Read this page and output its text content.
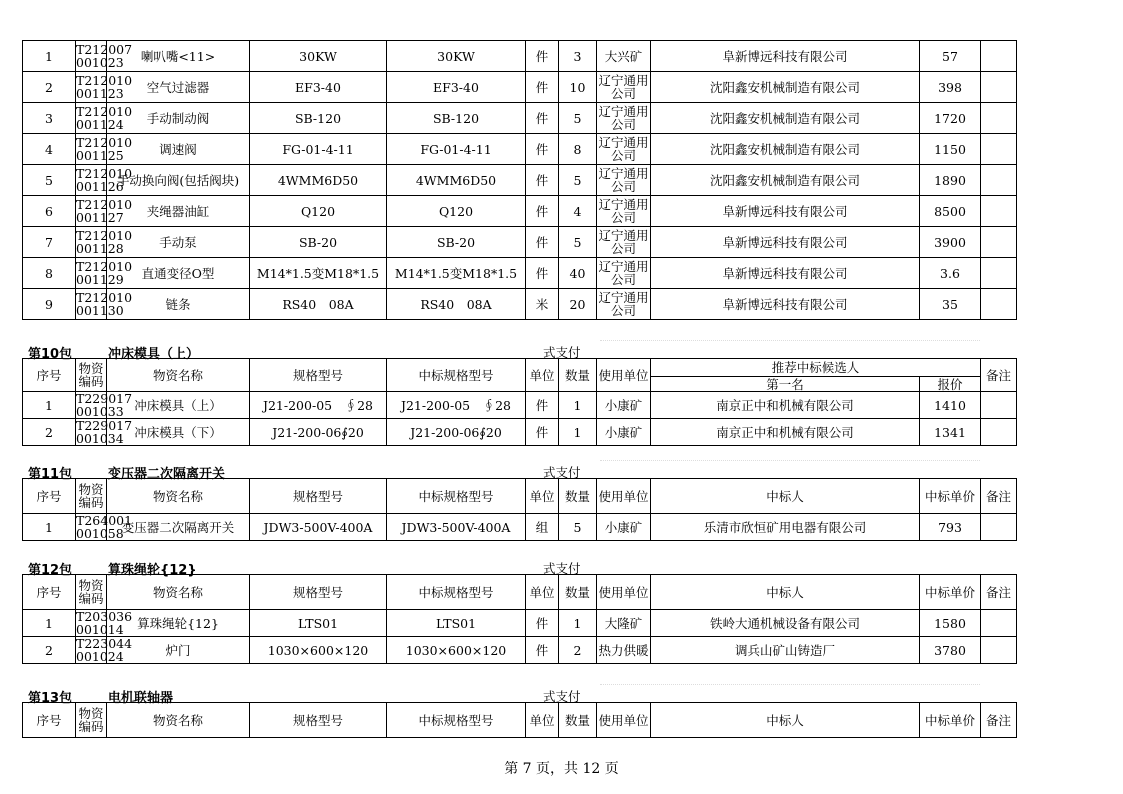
1	T212007 001023	喇叭嘴<11>	30KW	30KW	件	3	大兴矿	阜新博远科技有限公司	57	
2	T212010 001123	空气过滤器	EF3-40	EF3-40	件	10	辽宁通用公司	沈阳鑫安机械制造有限公司	398	
3	T212010 001124	手动制动阀	SB-120	SB-120	件	5	辽宁通用公司	沈阳鑫安机械制造有限公司	1720	
4	T212010 001125	调速阀	FG-01-4-11	FG-01-4-11	件	8	辽宁通用公司	沈阳鑫安机械制造有限公司	1150	
5	T212010 001126	手动换向阀(包括阀块)	4WMM6D50	4WMM6D50	件	5	辽宁通用公司	沈阳鑫安机械制造有限公司	1890	
6	T212010 001127	夹绳器油缸	Q120	Q120	件	4	辽宁通用公司	阜新博远科技有限公司	8500	
7	T212010 001128	手动泵	SB-20	SB-20	件	5	辽宁通用公司	阜新博远科技有限公司	3900	
8	T212010 001129	直通变径O型	M14*1.5变M18*1.5	M14*1.5变M18*1.5	件	40	辽宁通用公司	阜新博远科技有限公司	3.6	
9	T212010 001130	链条	RS40　08A	RS40　08A	米	20	辽宁通用公司	阜新博远科技有限公司	35	
第10包	冲床模具（上）	式支付
序号	物资编码	物资名称	规格型号	中标规格型号	单位	数量	使用单位	推荐中标候选人		备注
								第一名	报价	
1	T229017 001033	冲床模具（上）	J21-200-05　∮28	J21-200-05　∮28	件	1	小康矿	南京正中和机械有限公司	1410	
2	T229017 001034	冲床模具（下）	J21-200-06∮20	J21-200-06∮20	件	1	小康矿	南京正中和机械有限公司	1341	
第11包	变压器二次隔离开关	式支付
序号	物资编码	物资名称	规格型号	中标规格型号	单位	数量	使用单位	中标人	中标单价	备注
1	T264001 001058	变压器二次隔离开关	JDW3-500V-400A	JDW3-500V-400A	组	5	小康矿	乐清市欣恒矿用电器有限公司	793	
第12包	算珠绳轮{12}	式支付
序号	物资编码	物资名称	规格型号	中标规格型号	单位	数量	使用单位	中标人	中标单价	备注
1	T203036 001014	算珠绳轮{12}	LTS01	LTS01	件	1	大隆矿	铁岭大通机械设备有限公司	1580	
2	T223044 001024	炉门	1030×600×120	1030×600×120	件	2	热力供暖	调兵山矿山铸造厂	3780	
第13包	电机联轴器	式支付
序号	物资编码	物资名称	规格型号	中标规格型号	单位	数量	使用单位	中标人	中标单价	备注
第 7 页，共 12 页
